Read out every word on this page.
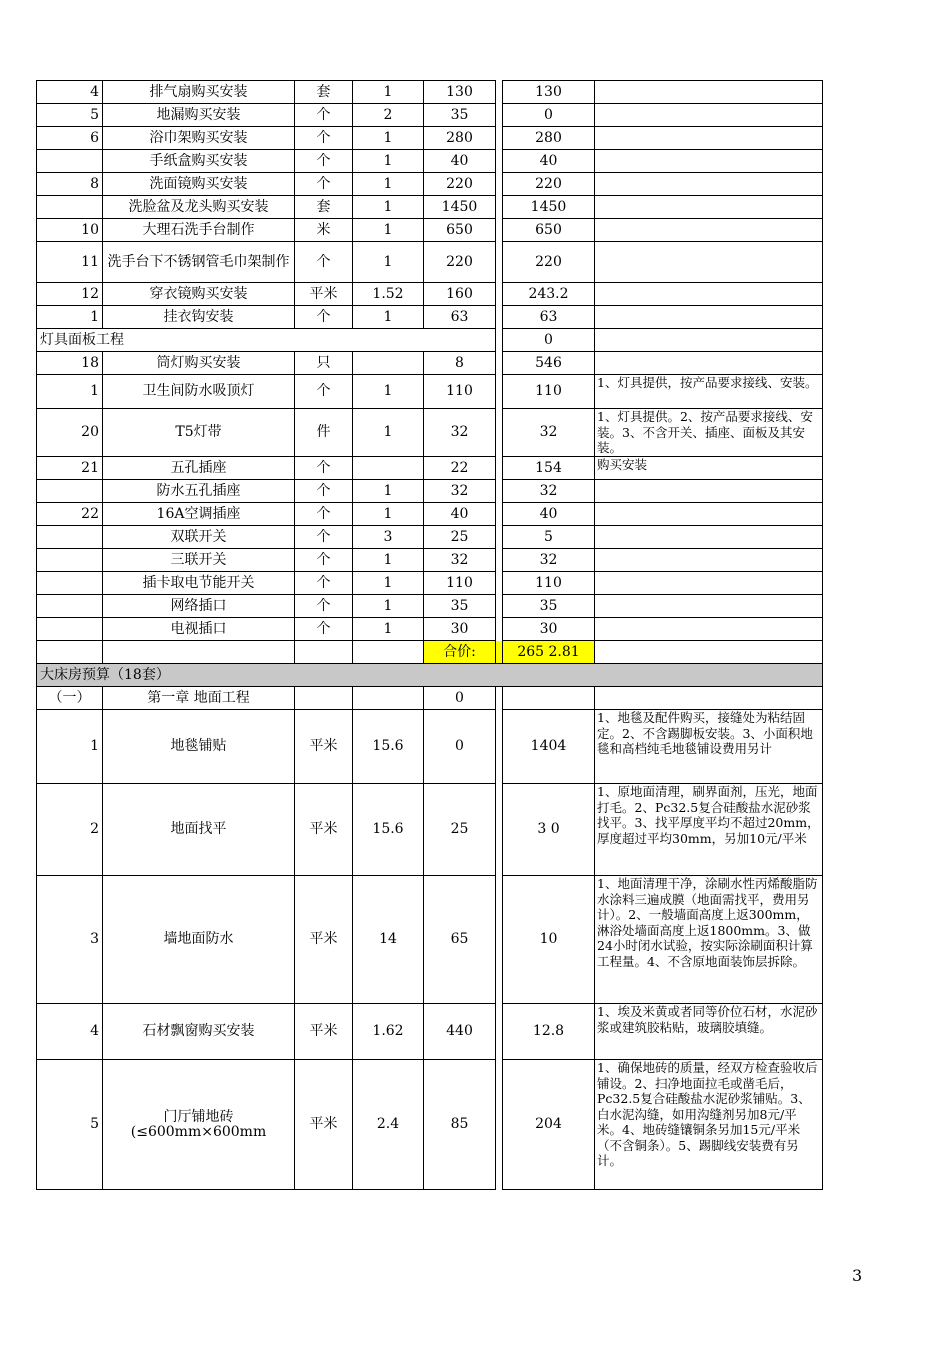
4	排气扇购买安装	套	1	130		130	
5	地漏购买安装	个	2	35		0	
6	浴巾架购买安装	个	1	280		280	
	手纸盒购买安装	个	1	40		40	
8	洗面镜购买安装	个	1	220		220	
	洗脸盆及龙头购买安装	套	1	1450		1450	
10	大理石洗手台制作	米	1	650		650	
11	洗手台下不锈钢管毛巾架制作	个	1	220		220	
12	穿衣镜购买安装	平米	1.52	160		243.2	
1	挂衣钩安装	个	1	63		63	
灯具面板工程						0	
18	筒灯购买安装	只		8		546	
1	卫生间防水吸顶灯	个	1	110		110	1、灯具提供，按产品要求接线、安装。
20	T5灯带	件	1	32		32	1、灯具提供。2、按产品要求接线、安装。3、不含开关、插座、面板及其安装。
21	五孔插座	个		22		154	购买安装
	防水五孔插座	个	1	32		32	
22	16A空调插座	个	1	40		40	
	双联开关	个	3	25		5	
	三联开关	个	1	32		32	
	插卡取电节能开关	个	1	110		110	
	网络插口	个	1	35		35	
	电视插口	个	1	30		30	
				合价:		265 2.81	
大床房预算（18套）							
（一）	第一章 地面工程			0			
1	地毯铺贴	平米	15.6	0		1404	1、地毯及配件购买，接缝处为粘结固定。2、不含踢脚板安装。3、小面积地毯和高档纯毛地毯铺设费用另计
2	地面找平	平米	15.6	25		3 0	1、原地面清理，刷界面剂，压光，地面打毛。2、Pc32.5复合硅酸盐水泥砂浆找平。3、找平厚度平均不超过20mm，厚度超过平均30mm，另加10元/平米
3	墙地面防水	平米	14	65		10	1、地面清理干净，涂刷水性丙烯酸脂防水涂料三遍成膜（地面需找平，费用另计）。2、一般墙面高度上返300mm，淋浴处墙面高度上返1800mm。3、做24小时闭水试验，按实际涂刷面积计算工程量。4、不含原地面装饰层拆除。
4	石材飘窗购买安装	平米	1.62	440		12.8	1、埃及米黄或者同等价位石材，水泥砂浆或建筑胶粘贴，玻璃胶填缝。
5	门厅铺地砖(≤600mm×600mm	平米	2.4	85		204	1、确保地砖的质量，经双方检查验收后铺设。2、扫净地面拉毛或凿毛后，Pc32.5复合硅酸盐水泥砂浆铺贴。3、白水泥沟缝，如用沟缝剂另加8元/平米。4、地砖缝镶铜条另加15元/平米（不含铜条）。5、踢脚线安装费有另计。
3
